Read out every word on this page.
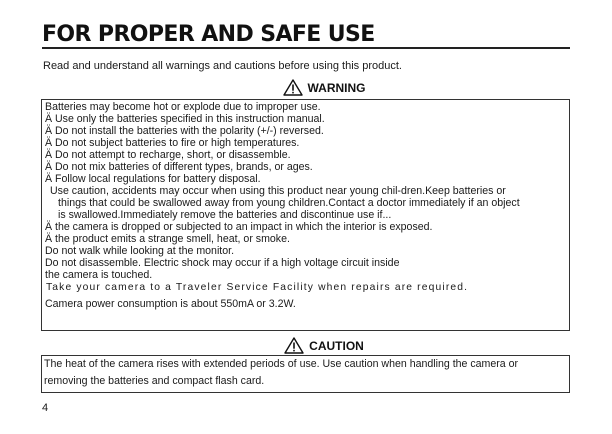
FOR PROPER AND SAFE USE
Read and understand all warnings and cautions before using this product.
WARNING
Batteries may become hot or explode due to improper use.
Ä Use only the batteries specified in this instruction manual.
Ä Do not install the batteries with the polarity (+/-) reversed.
Ä Do not subject batteries to fire or high temperatures.
Ä Do not attempt to recharge, short, or disassemble.
Ä Do not mix batteries of different types, brands, or ages.
Ä Follow local regulations for battery disposal.
Use caution, accidents may occur when using this product near young chil-dren.Keep batteries or
things that could be swallowed away from young children.Contact a doctor immediately if an object
is swallowed.Immediately remove the batteries and discontinue use if...
Ä the camera is dropped or subjected to an impact in which the interior is exposed.
Ä the product emits a strange smell, heat, or smoke.
Do not walk while looking at the monitor.
Do not disassemble. Electric shock may occur if a high voltage circuit inside
the camera is touched.
Take your camera to a Traveler Service Facility when repairs are required.
Camera power consumption is about 550mA or 3.2W.
CAUTION
The heat of the camera rises with extended periods of use. Use caution when handling the camera or
removing the batteries and compact flash card.
4
